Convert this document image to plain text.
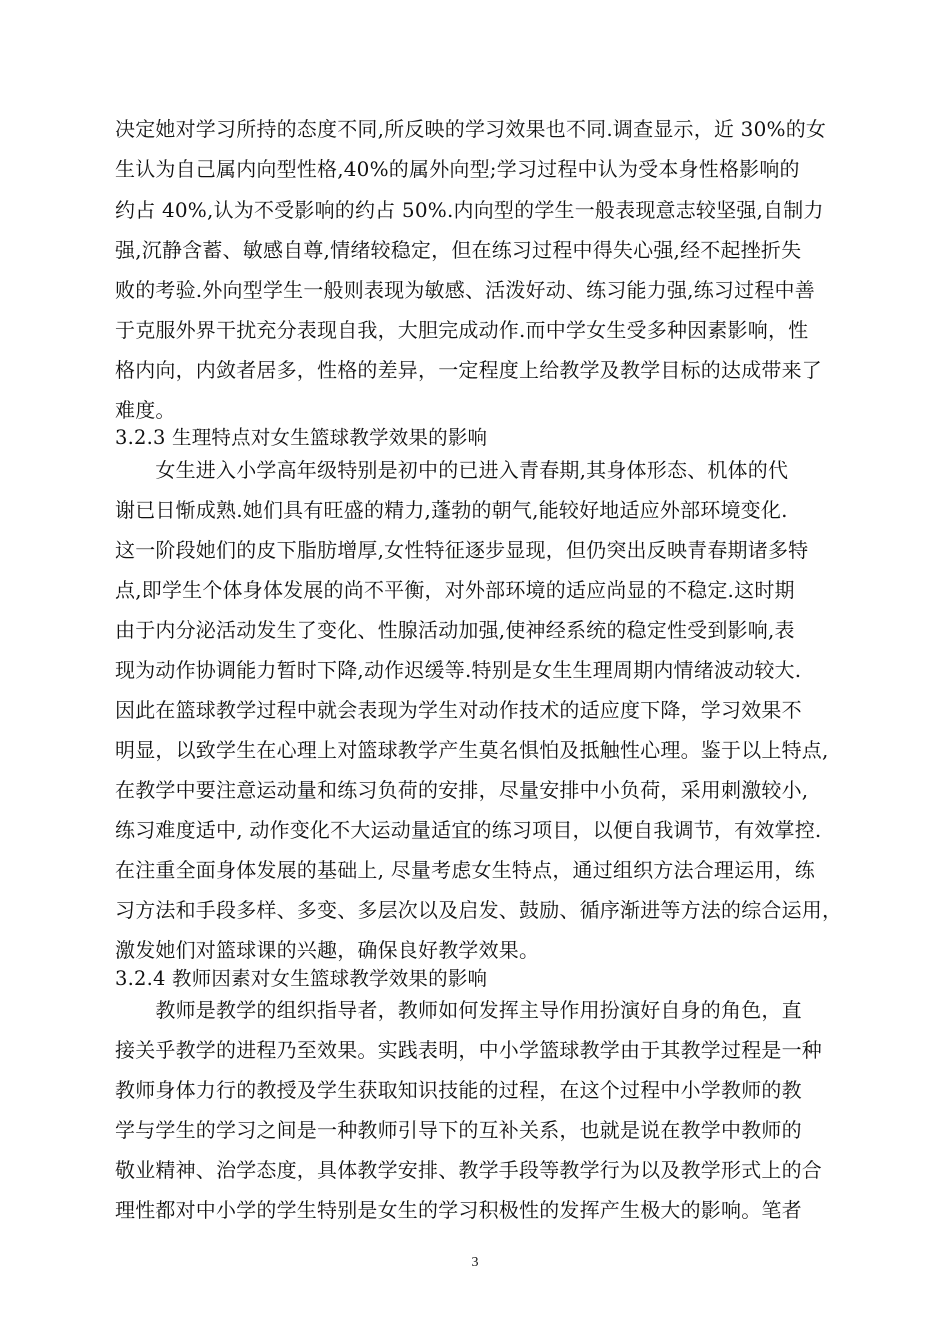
决定她对学习所持的态度不同,所反映的学习效果也不同.调查显示，近 30%的女
生认为自己属内向型性格,40%的属外向型;学习过程中认为受本身性格影响的
约占 40%,认为不受影响的约占 50%.内向型的学生一般表现意志较坚强,自制力
强,沉静含蓄、敏感自尊,情绪较稳定，但在练习过程中得失心强,经不起挫折失
败的考验.外向型学生一般则表现为敏感、活泼好动、练习能力强,练习过程中善
于克服外界干扰充分表现自我，大胆完成动作.而中学女生受多种因素影响，性
格内向，内敛者居多，性格的差异，一定程度上给教学及教学目标的达成带来了
难度。
3.2.3 生理特点对女生篮球教学效果的影响
　　女生进入小学高年级特别是初中的已进入青春期,其身体形态、机体的代
谢已日惭成熟.她们具有旺盛的精力,蓬勃的朝气,能较好地适应外部环境变化.
这一阶段她们的皮下脂肪增厚,女性特征逐步显现，但仍突出反映青春期诸多特
点,即学生个体身体发展的尚不平衡，对外部环境的适应尚显的不稳定.这时期
由于内分泌活动发生了变化、性腺活动加强,使神经系统的稳定性受到影响,表
现为动作协调能力暂时下降,动作迟缓等.特别是女生生理周期内情绪波动较大.
因此在篮球教学过程中就会表现为学生对动作技术的适应度下降，学习效果不
明显，以致学生在心理上对篮球教学产生莫名惧怕及抵触性心理。鉴于以上特点,
在教学中要注意运动量和练习负荷的安排，尽量安排中小负荷，采用刺激较小,
练习难度适中, 动作变化不大运动量适宜的练习项目，以便自我调节，有效掌控.
在注重全面身体发展的基础上, 尽量考虑女生特点，通过组织方法合理运用，练
习方法和手段多样、多变、多层次以及启发、鼓励、循序渐进等方法的综合运用，
激发她们对篮球课的兴趣，确保良好教学效果。
3.2.4 教师因素对女生篮球教学效果的影响
　　教师是教学的组织指导者，教师如何发挥主导作用扮演好自身的角色，直
接关乎教学的进程乃至效果。实践表明，中小学篮球教学由于其教学过程是一种
教师身体力行的教授及学生获取知识技能的过程，在这个过程中小学教师的教
学与学生的学习之间是一种教师引导下的互补关系，也就是说在教学中教师的
敬业精神、治学态度，具体教学安排、教学手段等教学行为以及教学形式上的合
理性都对中小学的学生特别是女生的学习积极性的发挥产生极大的影响。笔者
3
